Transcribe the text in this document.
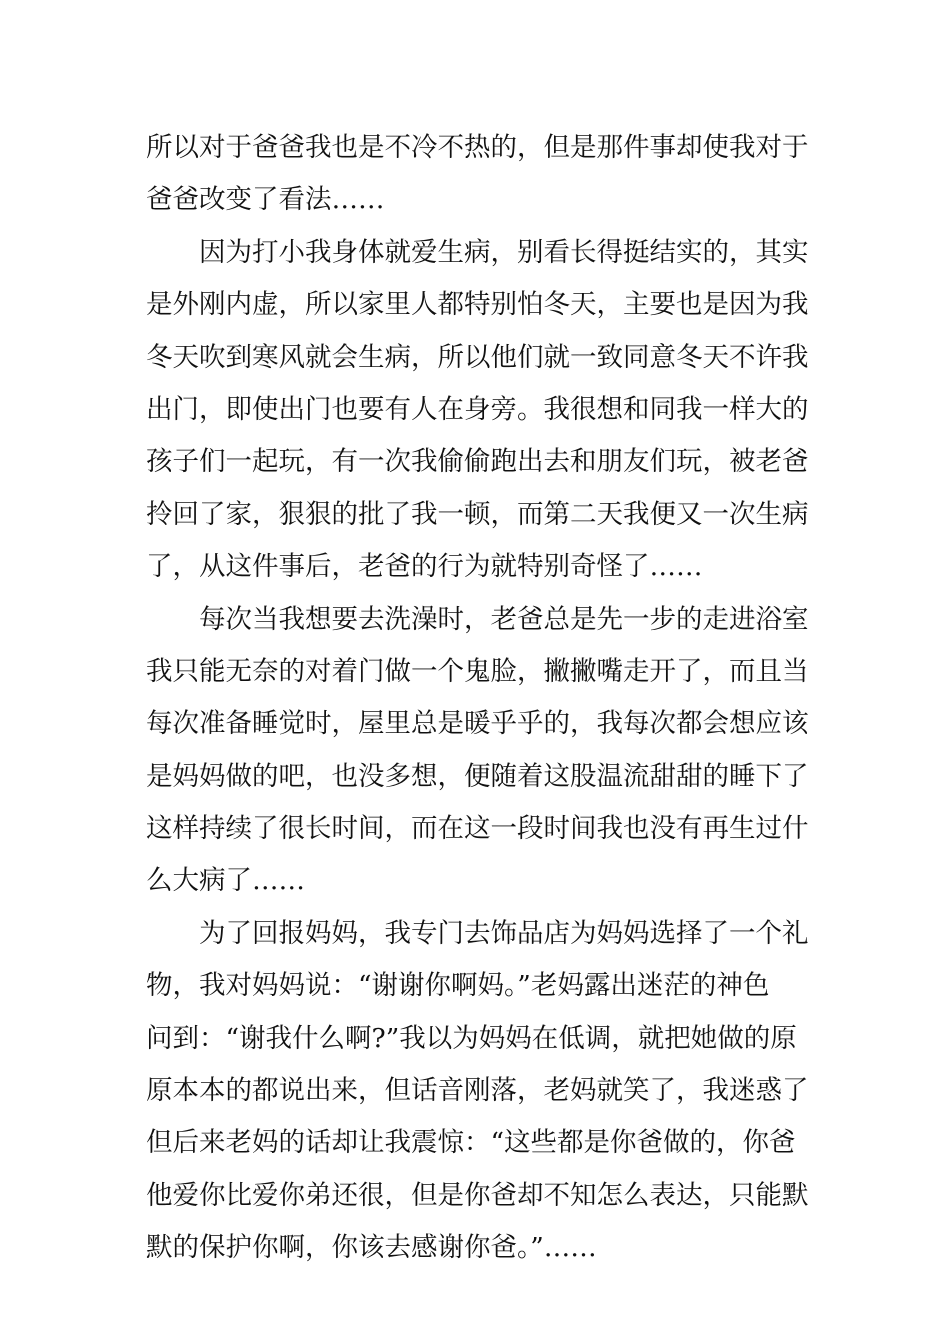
所以对于爸爸我也是不冷不热的，但是那件事却使我对于
爸爸改变了看法……
因为打小我身体就爱生病，别看长得挺结实的，其实
是外刚内虚，所以家里人都特别怕冬天，主要也是因为我
冬天吹到寒风就会生病，所以他们就一致同意冬天不许我
出门，即使出门也要有人在身旁。我很想和同我一样大的
孩子们一起玩，有一次我偷偷跑出去和朋友们玩，被老爸
拎回了家，狠狠的批了我一顿，而第二天我便又一次生病
了，从这件事后，老爸的行为就特别奇怪了……
每次当我想要去洗澡时，老爸总是先一步的走进浴室
我只能无奈的对着门做一个鬼脸，撇撇嘴走开了，而且当
每次准备睡觉时，屋里总是暖乎乎的，我每次都会想应该
是妈妈做的吧，也没多想，便随着这股温流甜甜的睡下了
这样持续了很长时间，而在这一段时间我也没有再生过什
么大病了……
为了回报妈妈，我专门去饰品店为妈妈选择了一个礼
物，我对妈妈说：“谢谢你啊妈。”老妈露出迷茫的神色
问到：“谢我什么啊?”我以为妈妈在低调，就把她做的原
原本本的都说出来，但话音刚落，老妈就笑了，我迷惑了
但后来老妈的话却让我震惊：“这些都是你爸做的，你爸
他爱你比爱你弟还很，但是你爸却不知怎么表达，只能默
默的保护你啊，你该去感谢你爸。”……
